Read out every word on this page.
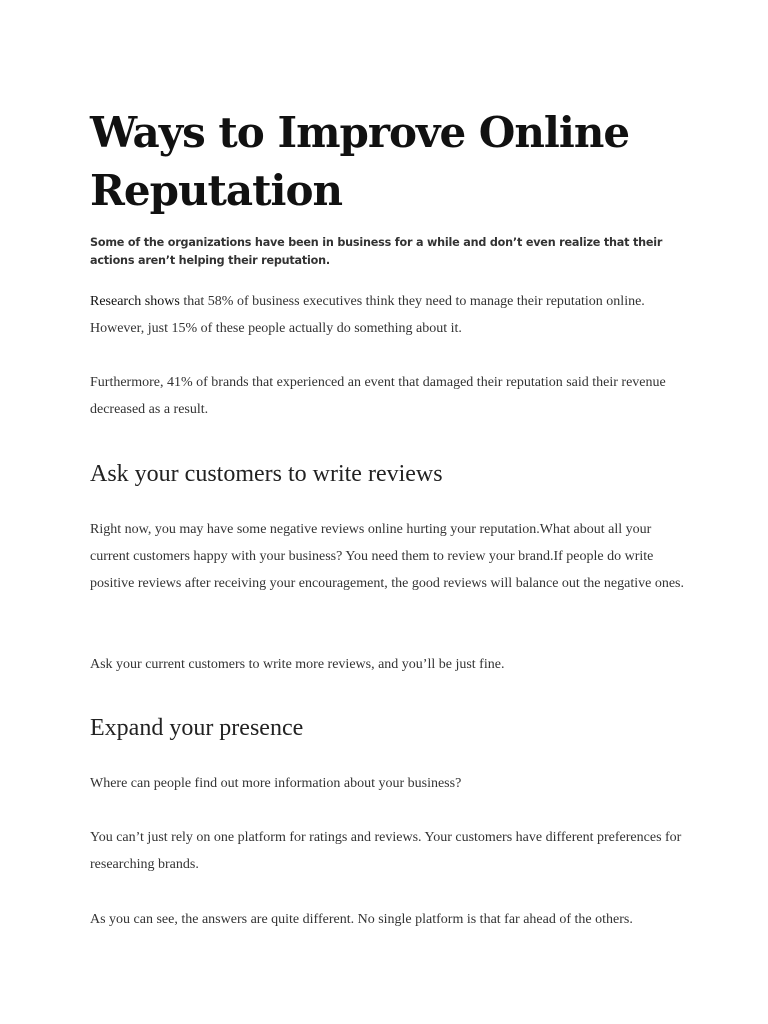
Ways to Improve Online Reputation

Some of the organizations have been in business for a while and don’t even realize that their actions aren’t helping their reputation.

Research shows that 58% of business executives think they need to manage their reputation online. However, just 15% of these people actually do something about it.

Furthermore, 41% of brands that experienced an event that damaged their reputation said their revenue decreased as a result.

Ask your customers to write reviews

Right now, you may have some negative reviews online hurting your reputation.What about all your current customers happy with your business? You need them to review your brand.If people do write positive reviews after receiving your encouragement, the good reviews will balance out the negative ones.

Ask your current customers to write more reviews, and you’ll be just fine.

Expand your presence

Where can people find out more information about your business?

You can’t just rely on one platform for ratings and reviews. Your customers have different preferences for researching brands.

As you can see, the answers are quite different. No single platform is that far ahead of the others.
